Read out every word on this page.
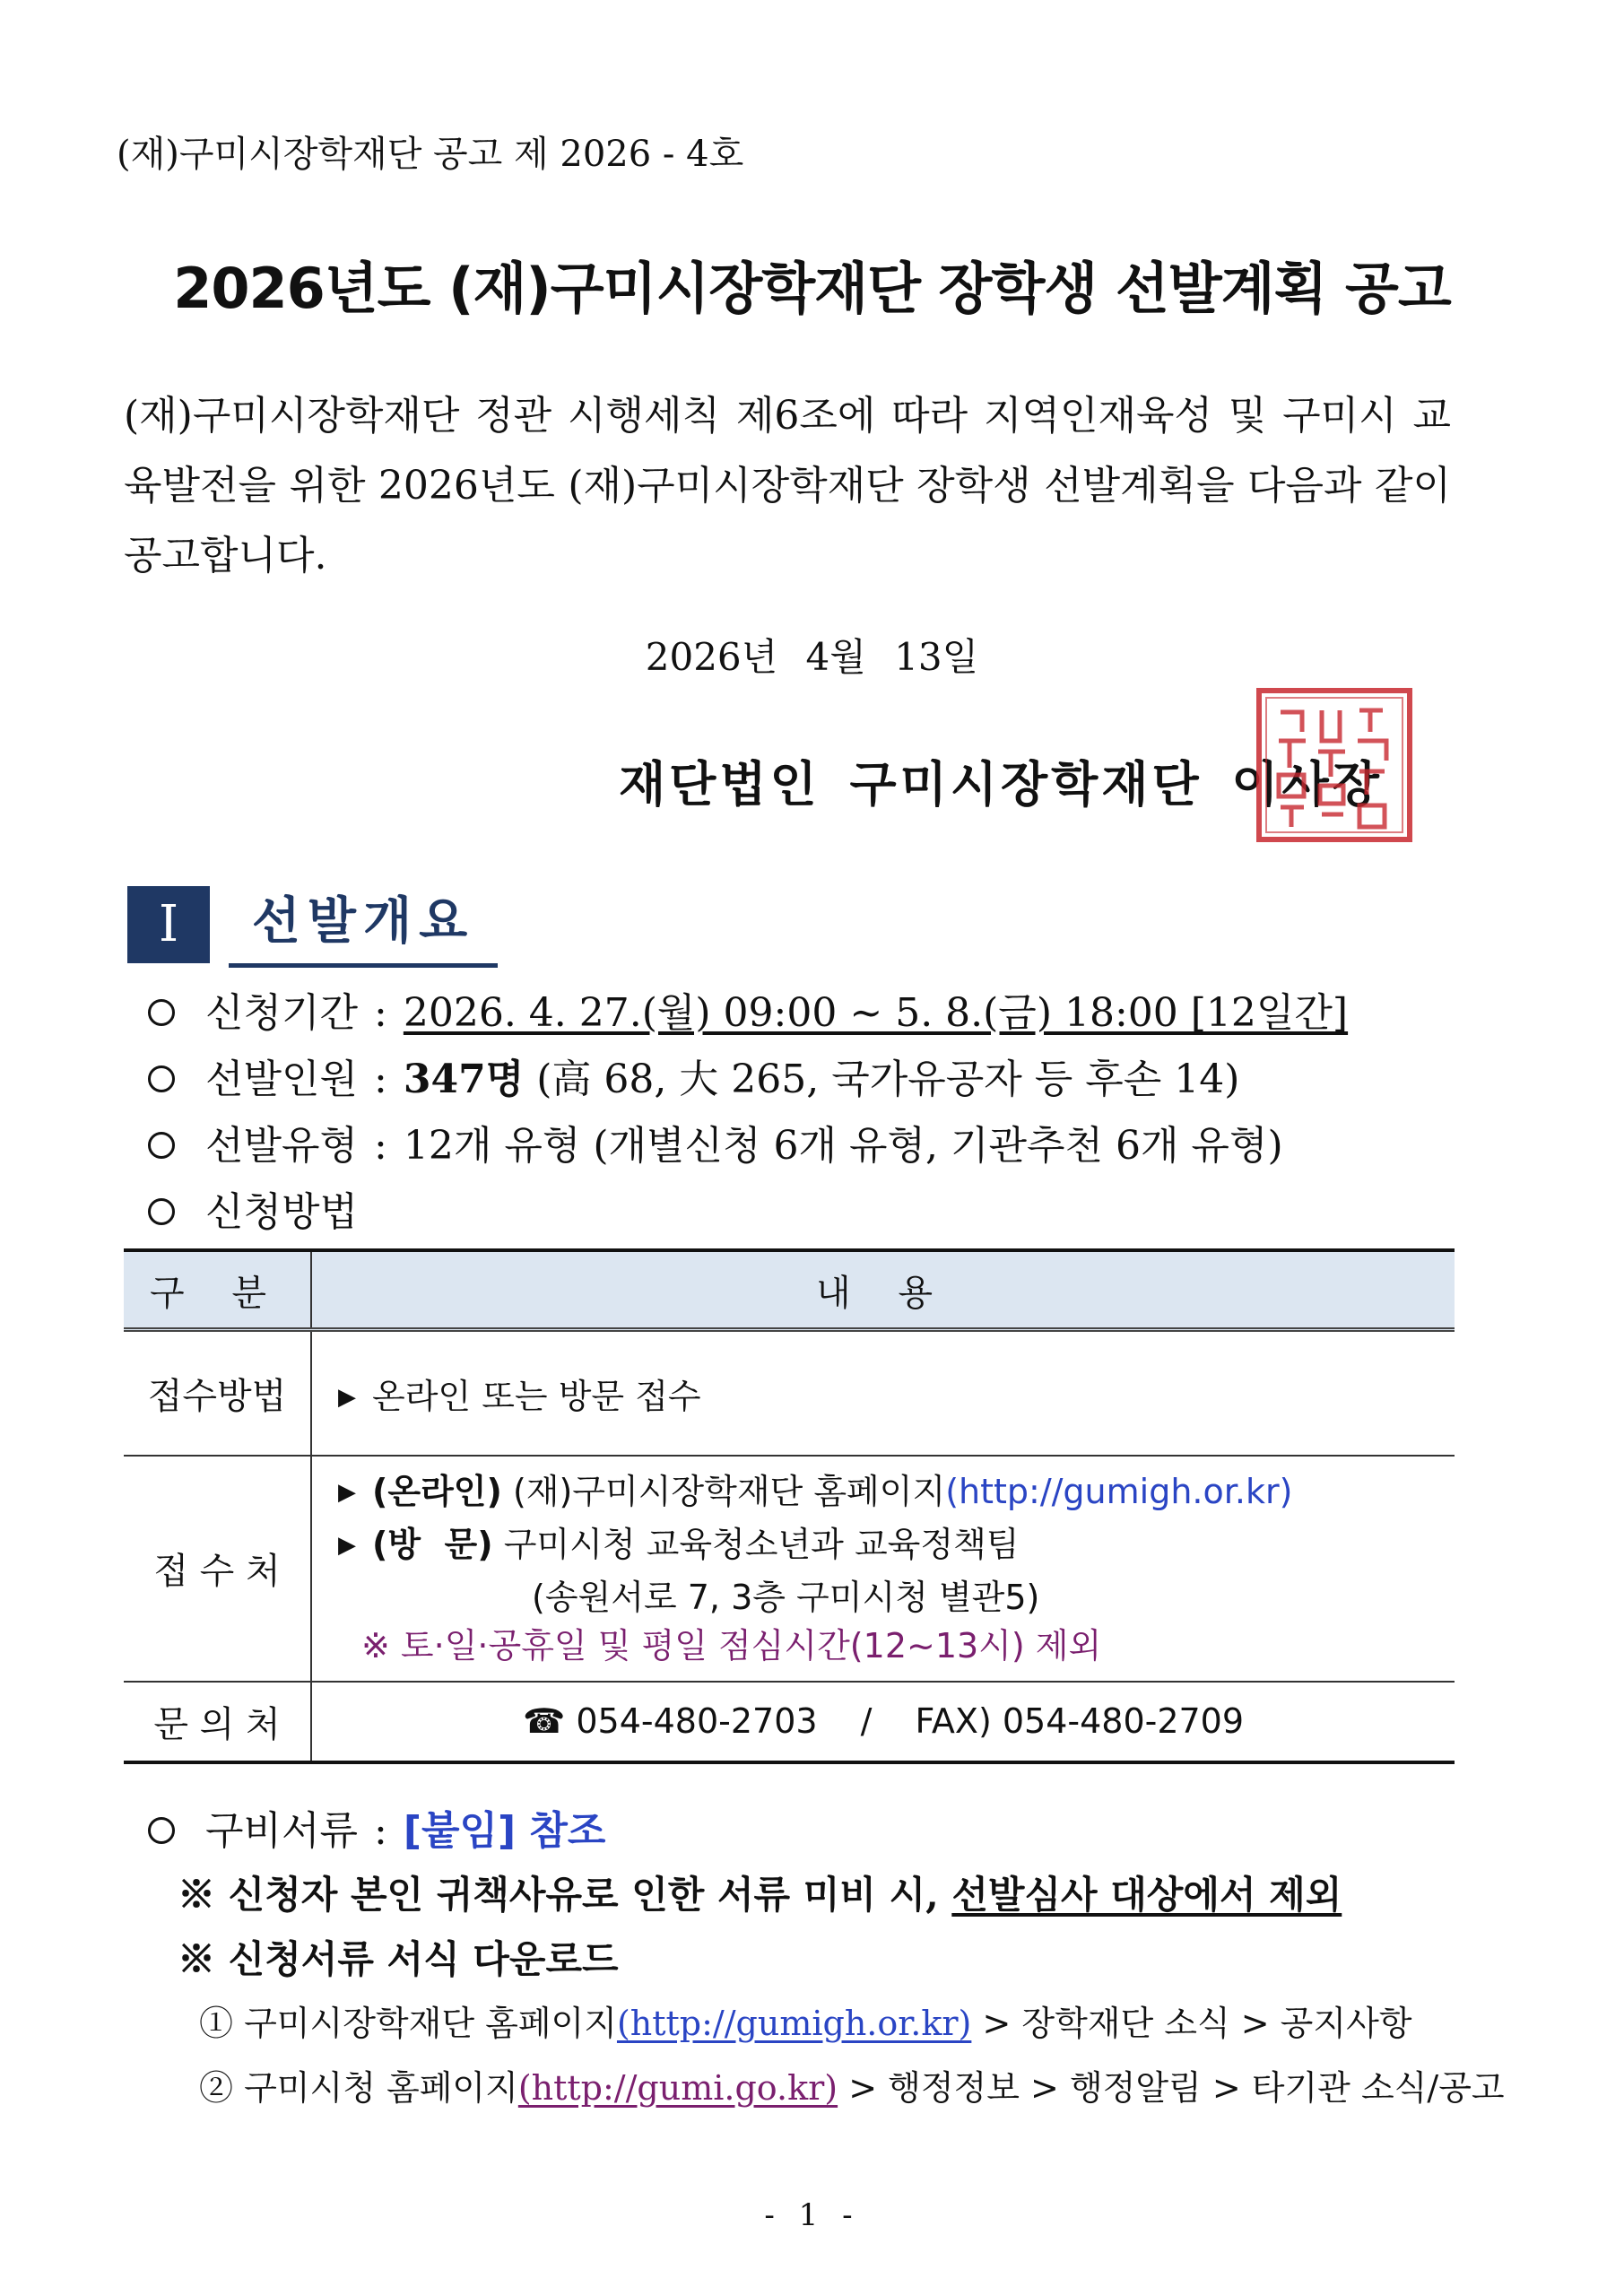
(재)구미시장학재단 공고 제 2026 - 4호
2026년도 (재)구미시장학재단 장학생 선발계획 공고
(재)구미시장학재단 정관 시행세칙 제6조에 따라 지역인재육성 및 구미시 교육발전을 위한 2026년도 (재)구미시장학재단 장학생 선발계획을 다음과 같이 공고합니다.
2026년 4월 13일
재단법인 구미시장학재단 이사장
Ⅰ	선발개요
신청기간 : 2026. 4. 27.(월) 09:00 ~ 5. 8.(금) 18:00 [12일간]
선발인원 : 347명 (高 68, 大 265, 국가유공자 등 후손 14)
선발유형 : 12개 유형 (개별신청 6개 유형, 기관추천 6개 유형)
신청방법
구 분	내 용
접수방법	▶ 온라인 또는 방문 접수

접 수 처	▶ (온라인) (재)구미시장학재단 홈페이지(http://gumigh.or.kr)
▶ (방  문) 구미시청 교육청소년과 교육정책팀
(송원서로 7, 3층 구미시청 별관5)
※ 토·일·공휴일 및 평일 점심시간(12~13시) 제외

문 의 처	☎ 054-480-2703 / FAX) 054-480-2709
구비서류 : [붙임] 참조
※ 신청자 본인 귀책사유로 인한 서류 미비 시, 선발심사 대상에서 제외
※ 신청서류 서식 다운로드
① 구미시장학재단 홈페이지(http://gumigh.or.kr) > 장학재단 소식 > 공지사항
② 구미시청 홈페이지(http://gumi.go.kr) > 행정정보 > 행정알림 > 타기관 소식/공고
- 1 -
